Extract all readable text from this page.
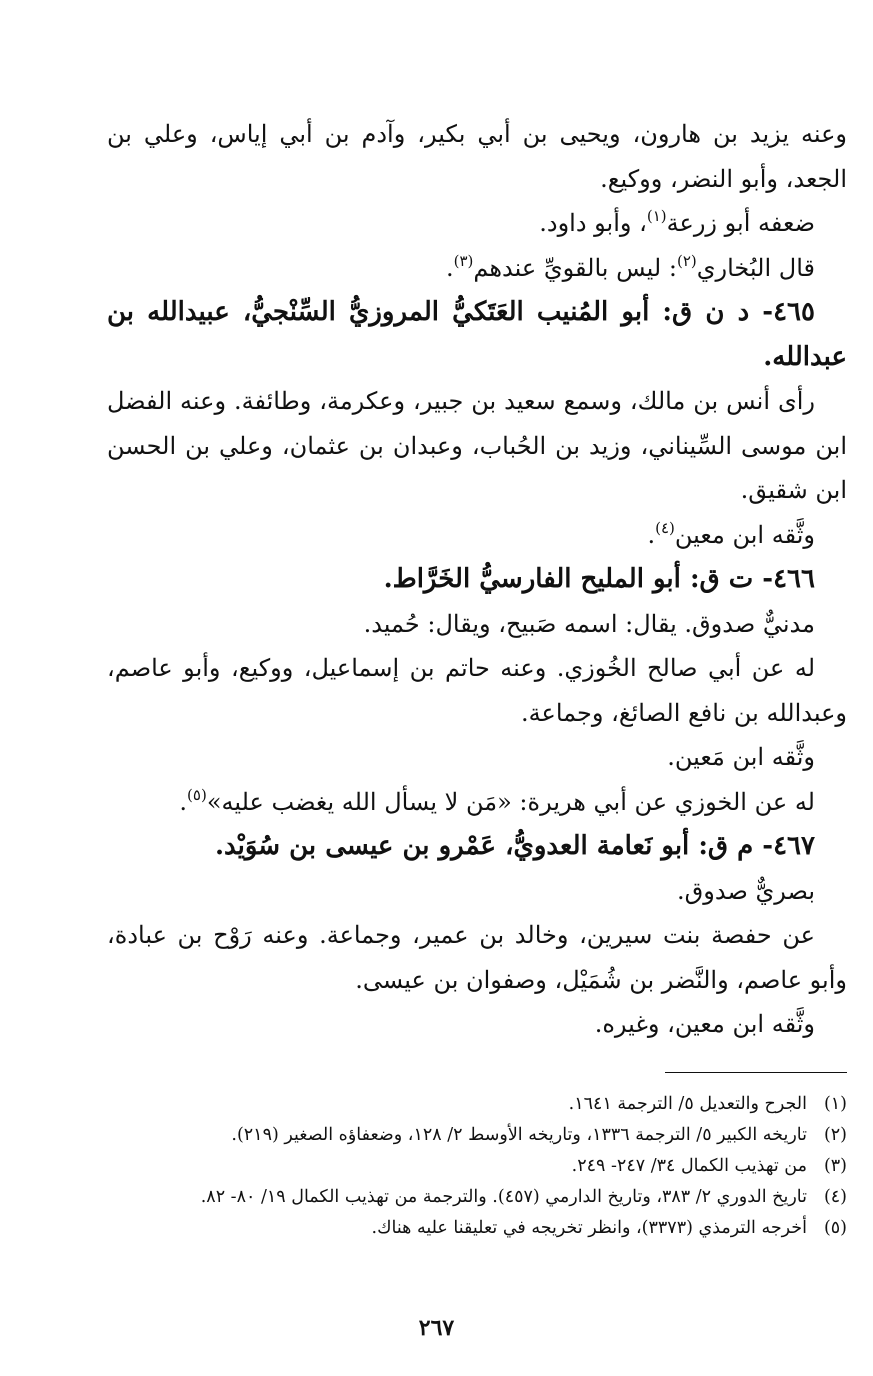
وعنه يزيد بن هارون، ويحيى بن أبي بكير، وآدم بن أبي إياس، وعلي بن الجعد، وأبو النضر، ووكيع.

ضعفه أبو زرعة$^{(١)}$، وأبو داود.

قال البُخاري$^{(٢)}$: ليس بالقويِّ عندهم$^{(٣)}$.

٤٦٥- د ن ق: أبو المُنيب العَتَكيُّ المروزيُّ السِّنْجيُّ، عبيدالله بن عبدالله.

رأى أنس بن مالك، وسمع سعيد بن جبير، وعكرمة، وطائفة. وعنه الفضل ابن موسى السِّيناني، وزيد بن الحُباب، وعبدان بن عثمان، وعلي بن الحسن ابن شقيق.

وثَّقه ابن معين$^{(٤)}$.

٤٦٦- ت ق: أبو المليح الفارسيُّ الخَرَّاط.

مدنيٌّ صدوق. يقال: اسمه صَبيح، ويقال: حُميد.

له عن أبي صالح الخُوزي. وعنه حاتم بن إسماعيل، ووكيع، وأبو عاصم، وعبدالله بن نافع الصائغ، وجماعة.

وثَّقه ابن مَعين.

له عن الخوزي عن أبي هريرة: «مَن لا يسأل الله يغضب عليه»$^{(٥)}$.

٤٦٧- م ق: أبو نَعامة العدويُّ، عَمْرو بن عيسى بن سُوَيْد.

بصريٌّ صدوق.

عن حفصة بنت سيرين، وخالد بن عمير، وجماعة. وعنه رَوْح بن عبادة، وأبو عاصم، والنَّضر بن شُمَيْل، وصفوان بن عيسى.

وثَّقه ابن معين، وغيره.

(١)
الجرح والتعديل ٥/ الترجمة ١٦٤١.
(٢)
تاريخه الكبير ٥/ الترجمة ١٣٣٦، وتاريخه الأوسط ٢/ ١٢٨، وضعفاؤه الصغير (٢١٩).
(٣)
من تهذيب الكمال ٣٤/ ٢٤٧- ٢٤٩.
(٤)
تاريخ الدوري ٢/ ٣٨٣، وتاريخ الدارمي (٤٥٧). والترجمة من تهذيب الكمال ١٩/ ٨٠- ٨٢.
(٥)
أخرجه الترمذي (٣٣٧٣)، وانظر تخريجه في تعليقنا عليه هناك.
٢٦٧
